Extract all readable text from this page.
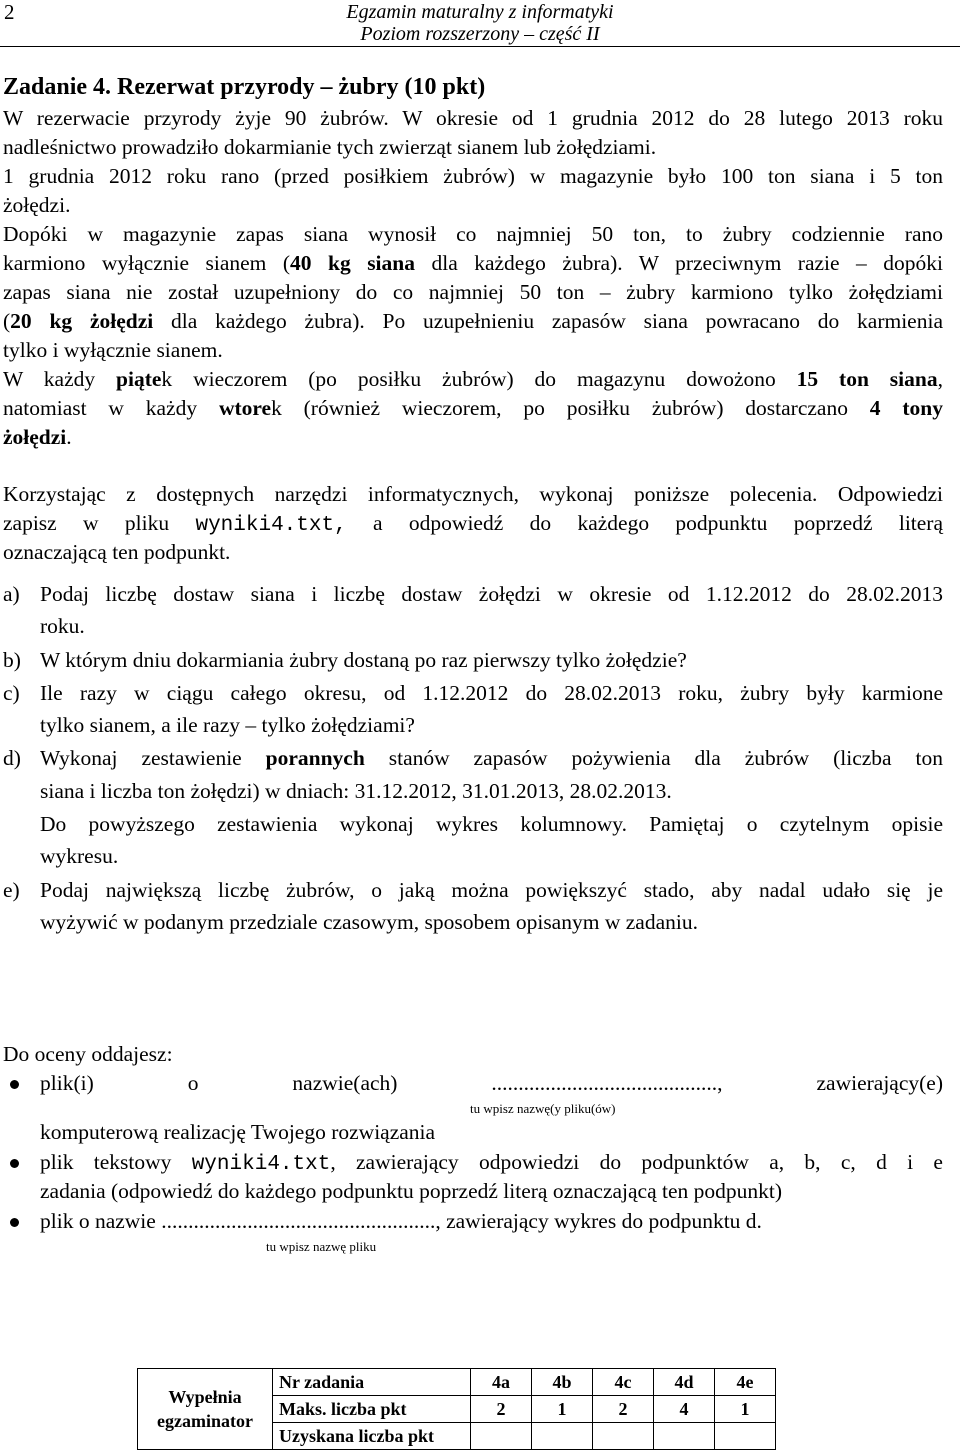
2	Egzamin maturalny z informatyki
Poziom rozszerzony – część II
Zadanie 4. Rezerwat przyrody – żubry (10 pkt)
W rezerwacie przyrody żyje 90 żubrów. W okresie od 1 grudnia 2012 do 28 lutego 2013 roku
nadleśnictwo prowadziło dokarmianie tych zwierząt sianem lub żołędziami.
1 grudnia 2012 roku rano (przed posiłkiem żubrów) w magazynie było 100 ton siana i 5 ton
żołędzi.
Dopóki w magazynie zapas siana wynosił co najmniej 50 ton, to żubry codziennie rano
karmiono wyłącznie sianem (40 kg siana dla każdego żubra). W przeciwnym razie – dopóki
zapas siana nie został uzupełniony do co najmniej 50 ton – żubry karmiono tylko żołędziami
(20 kg żołędzi dla każdego żubra). Po uzupełnieniu zapasów siana powracano do karmienia
tylko i wyłącznie sianem.
W każdy piątek wieczorem (po posiłku żubrów) do magazynu dowożono 15 ton siana,
natomiast w każdy wtorek (również wieczorem, po posiłku żubrów) dostarczano 4 tony
żołędzi.
Korzystając z dostępnych narzędzi informatycznych, wykonaj poniższe polecenia. Odpowiedzi
zapisz w pliku wyniki4.txt, a odpowiedź do każdego podpunktu poprzedź literą
oznaczającą ten podpunkt.
a) Podaj liczbę dostaw siana i liczbę dostaw żołędzi w okresie od 1.12.2012 do 28.02.2013
roku.
b) W którym dniu dokarmiania żubry dostaną po raz pierwszy tylko żołędzie?
c) Ile razy w ciągu całego okresu, od 1.12.2012 do 28.02.2013 roku, żubry były karmione
tylko sianem, a ile razy – tylko żołędziami?
d) Wykonaj zestawienie porannych stanów zapasów pożywienia dla żubrów (liczba ton
siana i liczba ton żołędzi) w dniach: 31.12.2012, 31.01.2013, 28.02.2013.
Do powyższego zestawienia wykonaj wykres kolumnowy. Pamiętaj o czytelnym opisie
wykresu.
e) Podaj największą liczbę żubrów, o jaką można powiększyć stado, aby nadal udało się je
wyżywić w podanym przedziale czasowym, sposobem opisanym w zadaniu.
Do oceny oddajesz:
plik(i) o nazwie(ach)	.........................................., zawierający(e)
tu wpisz nazwę(y pliku(ów)
komputerową realizację Twojego rozwiązania
plik tekstowy wyniki4.txt, zawierający odpowiedzi do podpunktów a, b, c, d i e
zadania (odpowiedź do każdego podpunktu poprzedź literą oznaczającą ten podpunkt)
plik o nazwie ..................................................., zawierający wykres do podpunktu d.
tu wpisz nazwę pliku
Wypełnia egzaminator	Nr zadania	4a	4b	4c	4d	4e
	Maks. liczba pkt	2	1	2	4	1
	Uzyskana liczba pkt					
